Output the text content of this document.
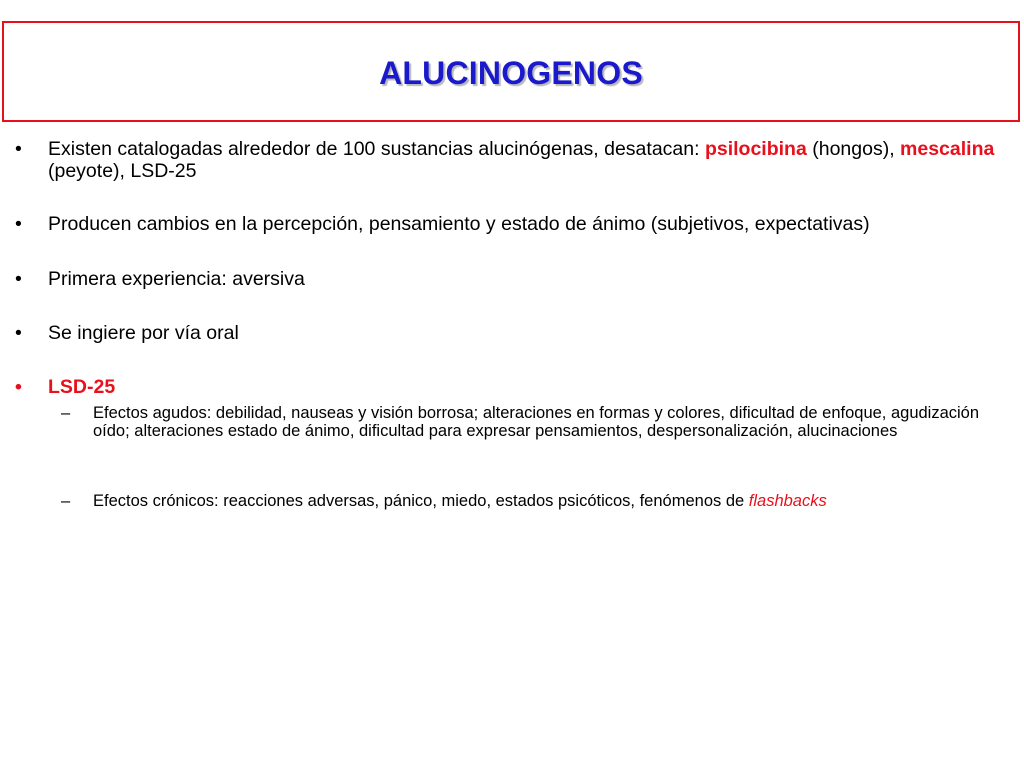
ALUCINOGENOS
• Existen catalogadas alrededor de 100 sustancias alucinógenas, desatacan: psilocibina (hongos), mescalina (peyote), LSD-25
• Producen cambios en la percepción, pensamiento y estado de ánimo (subjetivos, expectativas)
• Primera experiencia: aversiva
• Se ingiere por vía oral
• LSD-25
– Efectos agudos: debilidad, nauseas y visión borrosa; alteraciones en formas y colores, dificultad de enfoque, agudización oído; alteraciones estado de ánimo, dificultad para expresar pensamientos, despersonalización, alucinaciones
– Efectos crónicos: reacciones adversas, pánico, miedo, estados psicóticos, fenómenos de flashbacks
